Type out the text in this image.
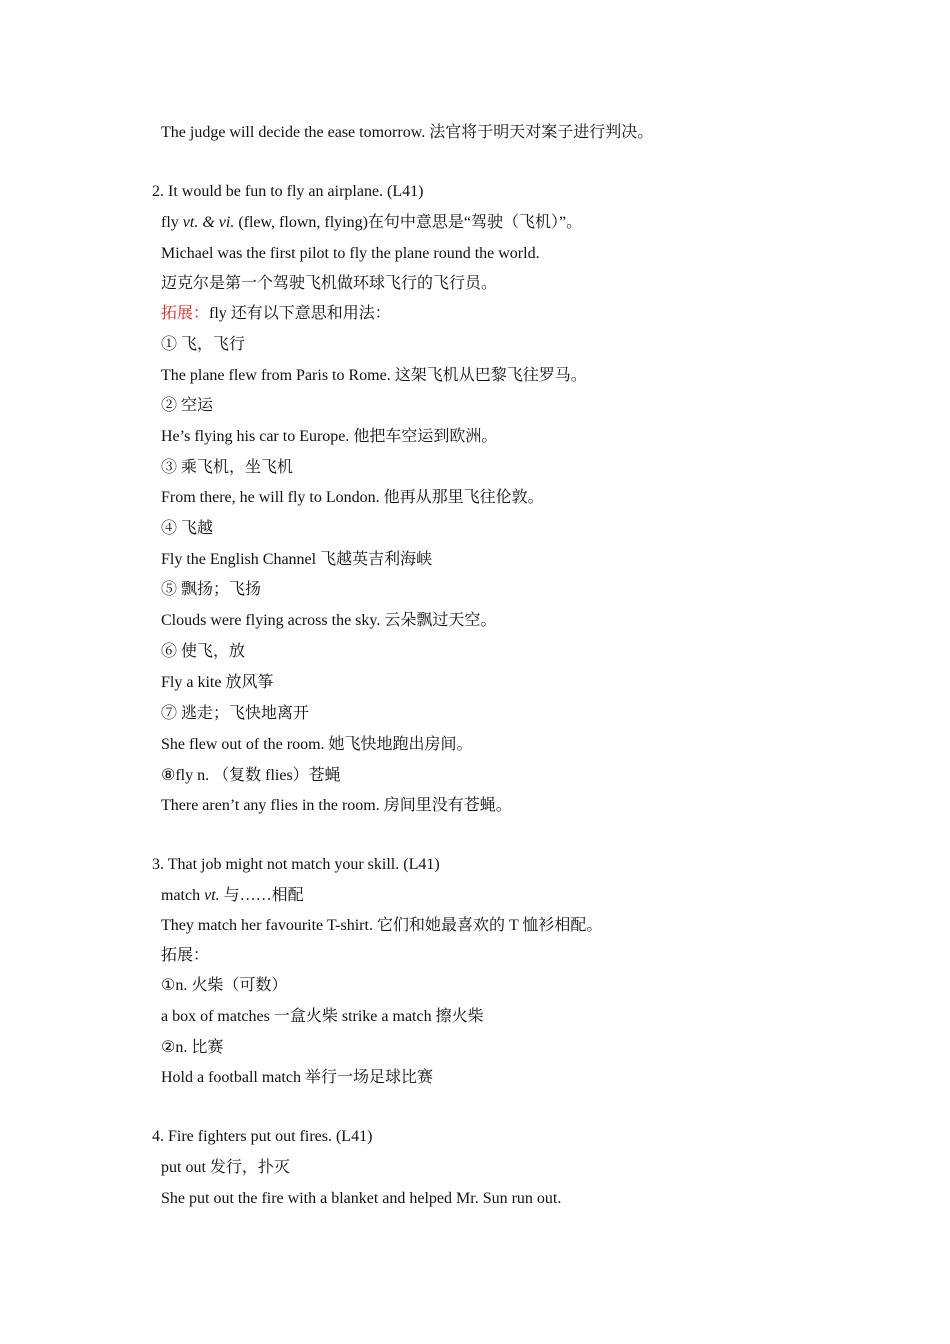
The judge will decide the ease tomorrow. 法官将于明天对案子进行判决。
2. It would be fun to fly an airplane. (L41)
fly vt. & vi. (flew, flown, flying)在句中意思是“驾驶（飞机）”。
Michael was the first pilot to fly the plane round the world.
迈克尔是第一个驾驶飞机做环球飞行的飞行员。
拓展：fly 还有以下意思和用法：
① 飞，飞行
The plane flew from Paris to Rome. 这架飞机从巴黎飞往罗马。
② 空运
He’s flying his car to Europe. 他把车空运到欧洲。
③ 乘飞机，坐飞机
From there, he will fly to London. 他再从那里飞往伦敦。
④ 飞越
Fly the English Channel 飞越英吉利海峡
⑤ 飘扬；飞扬
Clouds were flying across the sky. 云朵飘过天空。
⑥ 使飞，放
Fly a kite 放风筝
⑦ 逃走；飞快地离开
She flew out of the room. 她飞快地跑出房间。
⑧fly n. （复数 flies）苍蝇
There aren’t any flies in the room. 房间里没有苍蝇。
3. That job might not match your skill. (L41)
match vt. 与……相配
They match her favourite T-shirt. 它们和她最喜欢的 T 恤衫相配。
拓展：
①n. 火柴（可数）
a box of matches 一盒火柴 strike a match 擦火柴
②n. 比赛
Hold a football match 举行一场足球比赛
4. Fire fighters put out fires. (L41)
put out 发行，扑灭
She put out the fire with a blanket and helped Mr. Sun run out.
